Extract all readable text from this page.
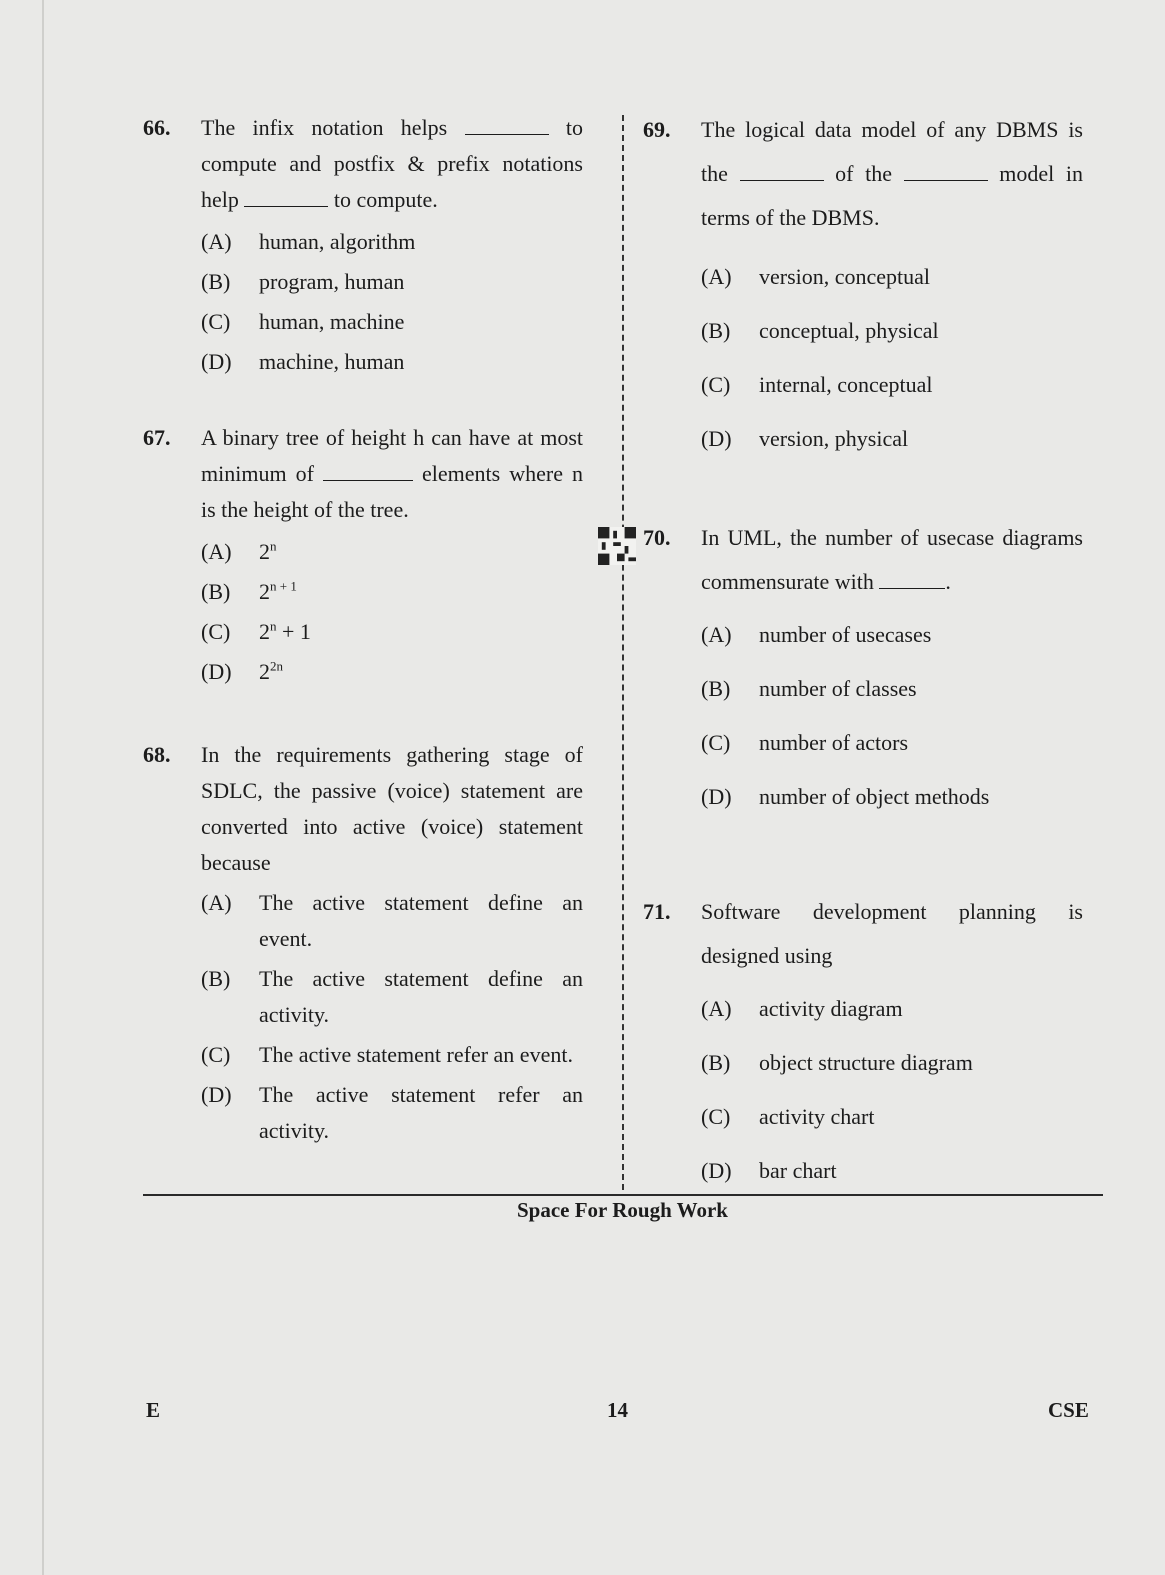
66. The infix notation helps	to compute and postfix & prefix notations help	to compute.
(A)	human, algorithm
(B)	program, human
(C)	human, machine
(D)	machine, human
67. A binary tree of height h can have at most minimum of	elements where n is the height of the tree.
(A)	2$^n$
(B)	$2^{n + 1}$
(C)	$2^n + 1$
(D)	$2^{2n}$
68. In the requirements gathering stage of SDLC, the passive (voice) statement are converted into active (voice) statement because
(A)	The active statement define an event.
(B)	The active statement define an activity.
(C)	The active statement refer an event.
(D)	The active statement refer an activity.
69. The logical data model of any DBMS is the	of the	model in terms of the DBMS.
(A)	version, conceptual
(B)	conceptual, physical
(C)	internal, conceptual
(D)	version, physical
70. In UML, the number of usecase diagrams commensurate with	.
(A)	number of usecases
(B)	number of classes
(C)	number of actors
(D)	number of object methods
71. Software development planning is designed using
(A)	activity diagram
(B)	object structure diagram
(C)	activity chart
(D)	bar chart
Space For Rough Work
E	14	CSE
